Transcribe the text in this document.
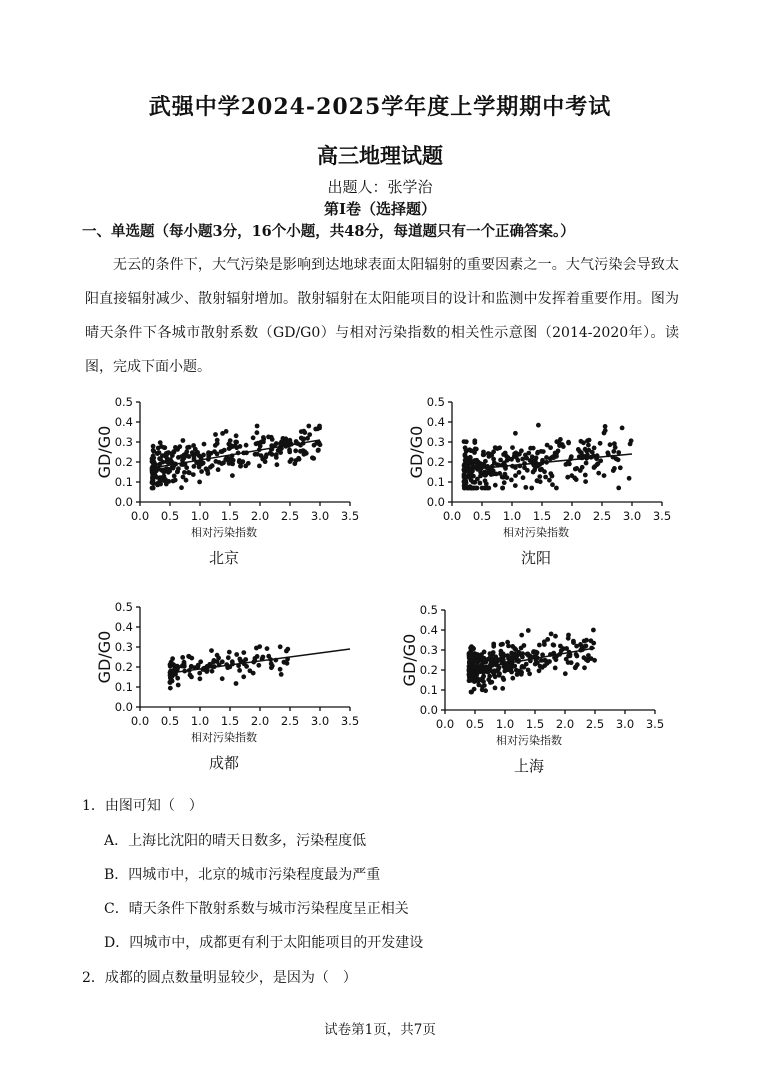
武强中学2024-2025学年度上学期期中考试
高三地理试题
出题人：张学治
第I卷（选择题）
一、单选题（每小题3分，16个小题，共48分，每道题只有一个正确答案。）
无云的条件下，大气污染是影响到达地球表面太阳辐射的重要因素之一。大气污染会导致太阳直接辐射减少、散射辐射增加。散射辐射在太阳能项目的设计和监测中发挥着重要作用。图为晴天条件下各城市散射系数（GD/G0）与相对污染指数的相关性示意图（2014-2020年）。读图，完成下面小题。
0.0
0.1
0.2
0.3
0.4
0.5
0.0 0.5 1.0 1.5 2.0 2.5 3.0 3.5
GD/G0
相对污染指数
北京
0.0
0.1
0.2
0.3
0.4
0.5
0.0 0.5 1.0 1.5 2.0 2.5 3.0 3.5
GD/G0
相对污染指数
沈阳
0.0
0.1
0.2
0.3
0.4
0.5
0.0 0.5 1.0 1.5 2.0 2.5 3.0 3.5
GD/G0
相对污染指数
成都
0.0
0.1
0.2
0.3
0.4
0.5
0.0 0.5 1.0 1.5 2.0 2.5 3.0 3.5
GD/G0
相对污染指数
上海
1．由图可知（　）
A．上海比沈阳的晴天日数多，污染程度低
B．四城市中，北京的城市污染程度最为严重
C．晴天条件下散射系数与城市污染程度呈正相关
D．四城市中，成都更有利于太阳能项目的开发建设
2．成都的圆点数量明显较少，是因为（　）
试卷第1页，共7页
